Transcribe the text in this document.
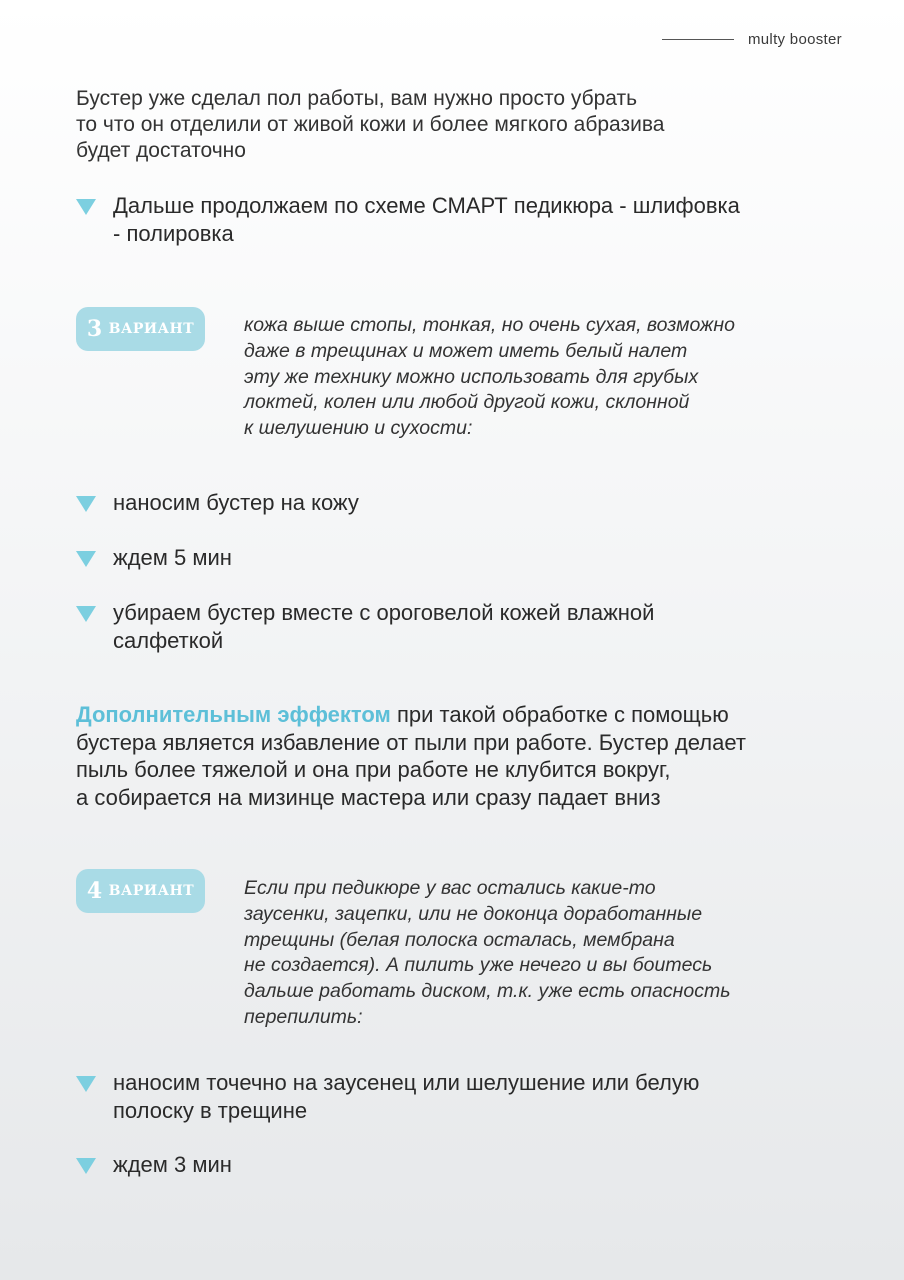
multy booster
Бустер уже сделал пол работы, вам нужно просто убрать
то что он отделили от живой кожи и более мягкого абразива
будет достаточно
Дальше продолжаем по схеме СМАРТ педикюра - шлифовка
- полировка
3 ВАРИАНТ	кожа выше стопы, тонкая, но очень сухая, возможно
даже в трещинах и может иметь белый налет
эту же технику можно использовать для грубых
локтей, колен или любой другой кожи, склонной
к шелушению и сухости:
наносим бустер на кожу
ждем 5 мин
убираем бустер вместе с ороговелой кожей влажной
салфеткой
Дополнительным эффектом при такой обработке с помощью
бустера является избавление от пыли при работе. Бустер делает
пыль более тяжелой и она при работе не клубится вокруг,
а собирается на мизинце мастера или сразу падает вниз
4 ВАРИАНТ	Если при педикюре у вас остались какие-то
заусенки, зацепки, или не доконца доработанные
трещины (белая полоска осталась, мембрана
не создается). А пилить уже нечего и вы боитесь
дальше работать диском, т.к. уже есть опасность
перепилить:
наносим точечно на заусенец или шелушение или белую
полоску в трещине
ждем 3 мин
